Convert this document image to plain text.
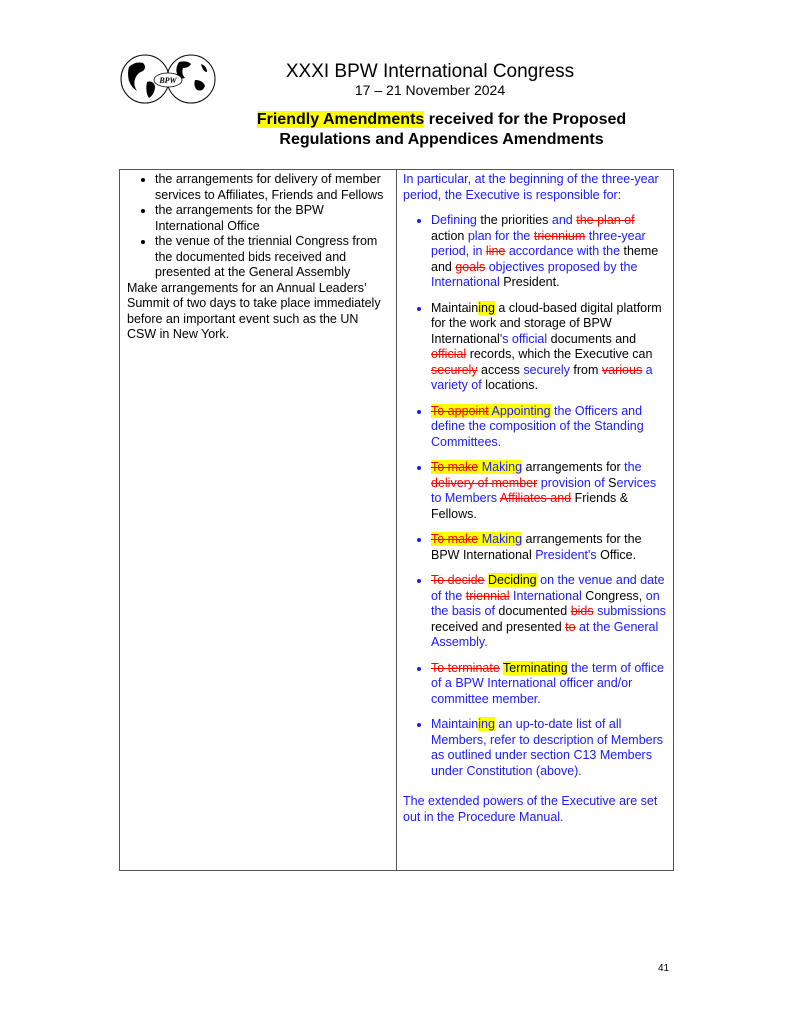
BPW	XXXI BPW International Congress
17 – 21 November 2024
Friendly Amendments received for the Proposed
Regulations and Appendices Amendments
• the arrangements for delivery of member services to Affiliates, Friends and Fellows
• the arrangements for the BPW International Office
• the venue of the triennial Congress from the documented bids received and presented at the General Assembly
Make arrangements for an Annual Leaders’ Summit of two days to take place immediately before an important event such as the UN CSW in New York.

In particular, at the beginning of the three-year period, the Executive is responsible for:

• Defining the priorities and the plan of action plan for the triennium three-year period, in line accordance with the theme and goals objectives proposed by the International President.
• Maintaining a cloud-based digital platform for the work and storage of BPW International's official documents and official records, which the Executive can securely access securely from various a variety of locations.
• To appoint Appointing the Officers and define the composition of the Standing Committees.
• To make Making arrangements for the delivery of member provision of Services to Members Affiliates and Friends & Fellows.
• To make Making arrangements for the BPW International President's Office.
• To decide Deciding on the venue and date of the triennial International Congress, on the basis of documented bids submissions received and presented to at the General Assembly.
• To terminate Terminating the term of office of a BPW International officer and/or committee member.
• Maintaining an up-to-date list of all Members, refer to description of Members as outlined under section C13 Members under Constitution (above).

The extended powers of the Executive are set out in the Procedure Manual.

41
